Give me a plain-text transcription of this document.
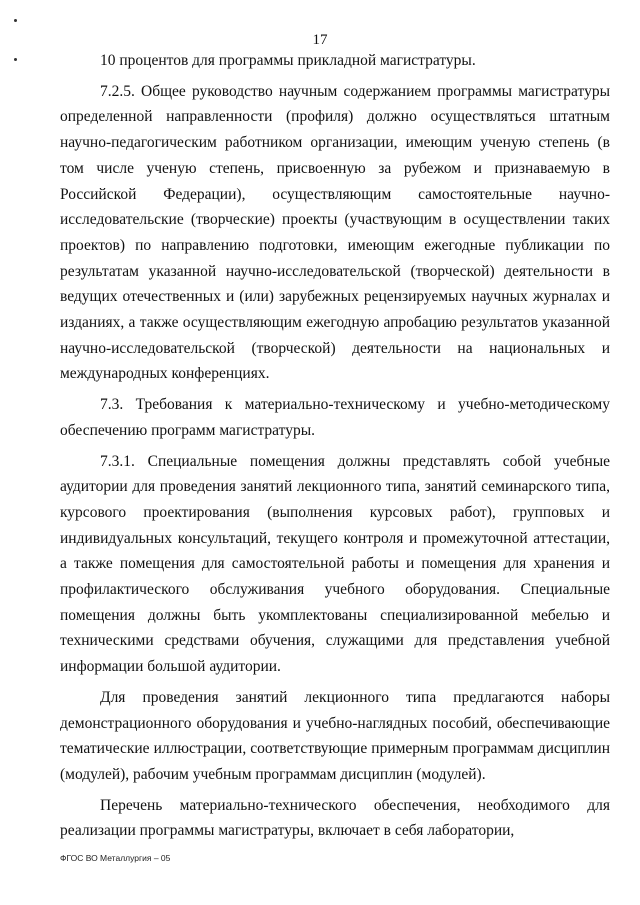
17

10 процентов для программы прикладной магистратуры.

7.2.5. Общее руководство научным содержанием программы магистратуры определенной направленности (профиля) должно осуществляться штатным научно-педагогическим работником организации, имеющим ученую степень (в том числе ученую степень, присвоенную за рубежом и признаваемую в Российской Федерации), осуществляющим самостоятельные научно-исследовательские (творческие) проекты (участвующим в осуществлении таких проектов) по направлению подготовки, имеющим ежегодные публикации по результатам указанной научно-исследовательской (творческой) деятельности в ведущих отечественных и (или) зарубежных рецензируемых научных журналах и изданиях, а также осуществляющим ежегодную апробацию результатов указанной научно-исследовательской (творческой) деятельности на национальных и международных конференциях.

7.3. Требования к материально-техническому и учебно-методическому обеспечению программ магистратуры.

7.3.1. Специальные помещения должны представлять собой учебные аудитории для проведения занятий лекционного типа, занятий семинарского типа, курсового проектирования (выполнения курсовых работ), групповых и индивидуальных консультаций, текущего контроля и промежуточной аттестации, а также помещения для самостоятельной работы и помещения для хранения и профилактического обслуживания учебного оборудования. Специальные помещения должны быть укомплектованы специализированной мебелью и техническими средствами обучения, служащими для представления учебной информации большой аудитории.

Для проведения занятий лекционного типа предлагаются наборы демонстрационного оборудования и учебно-наглядных пособий, обеспечивающие тематические иллюстрации, соответствующие примерным программам дисциплин (модулей), рабочим учебным программам дисциплин (модулей).

Перечень материально-технического обеспечения, необходимого для реализации программы магистратуры, включает в себя лаборатории,

ФГОС ВО Металлургия – 05
